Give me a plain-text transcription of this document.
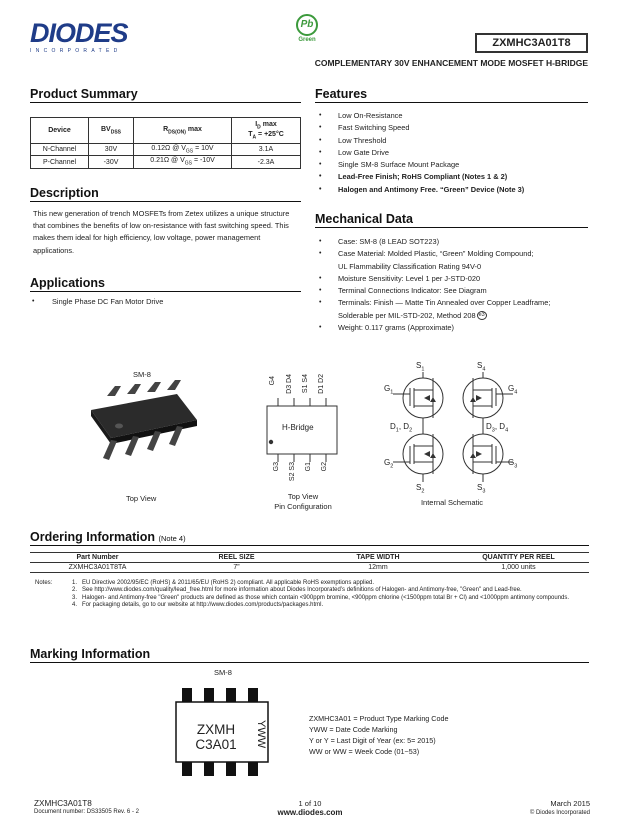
DIODES
INCORPORATED
Pb
Green	ZXMHC3A01T8
COMPLEMENTARY 30V ENHANCEMENT MODE MOSFET H-BRIDGE
Product Summary
Device	$BV_{DSS}$	$R_{DS(ON)}$ max	$I_D$ max
$T_A = +25^\circ C$

N-Channel	30V	0.12Ω @ $V_{GS} = 10V$	3.1A
P-Channel	-30V	0.21Ω @ $V_{GS} = -10V$	-2.3A
Description
This new generation of trench MOSFETs from Zetex utilizes a unique structure that combines the benefits of low on-resistance with fast switching speed. This makes them ideal for high efficiency, low voltage, power management applications.
Applications
• Single Phase DC Fan Motor Drive
Features
• Low On-Resistance
• Fast Switching Speed
• Low Threshold
• Low Gate Drive
• Single SM-8 Surface Mount Package
• Lead-Free Finish; RoHS Compliant (Notes 1 & 2)
• Halogen and Antimony Free. “Green” Device (Note 3)
Mechanical Data
• Case: SM-8 (8 LEAD SOT223)
• Case Material: Molded Plastic, “Green” Molding Compound;
UL Flammability Classification Rating 94V-0
• Moisture Sensitivity: Level 1 per J-STD-020
• Terminal Connections Indicator: See Diagram
• Terminals: Finish — Matte Tin Annealed over Copper Leadframe;
Solderable per MIL-STD-202, Method 208 e3
• Weight: 0.117 grams (Approximate)
SM-8
Top View
G4	D3 D4	S1 S4	D1 D2
H-Bridge
G3	S2 S3	G1	G2
Top View
Pin Configuration
$S_1$	$S_4$
$G_1$	$G_4$
$D_1$, $D_2$	$D_3$, $D_4$
$G_2$	$G_3$
$S_2$	$S_3$
Internal Schematic
Ordering Information (Note 4)
Part Number	REEL SIZE	TAPE WIDTH	QUANTITY PER REEL
ZXMHC3A01T8TA	7”	12mm	1,000 units
Notes:	1. EU Directive 2002/95/EC (RoHS) & 2011/65/EU (RoHS 2) compliant. All applicable RoHS exemptions applied.
2. See http://www.diodes.com/quality/lead_free.html for more information about Diodes Incorporated’s definitions of Halogen- and Antimony-free, "Green" and Lead-free.
3. Halogen- and Antimony-free "Green" products are defined as those which contain <900ppm bromine, <900ppm chlorine (<1500ppm total Br + Cl) and <1000ppm antimony compounds.
4. For packaging details, go to our website at http://www.diodes.com/products/packages.html.
Marking Information
SM-8
ZXMH
C3A01	YWW
ZXMHC3A01 = Product Type Marking Code
YWW = Date Code Marking
Y or Y = Last Digit of Year (ex: 5= 2015)
WW or WW = Week Code (01~53)
ZXMHC3A01T8
Document number: DS33505 Rev. 6 - 2
1 of 10
www.diodes.com
March 2015
© Diodes Incorporated
